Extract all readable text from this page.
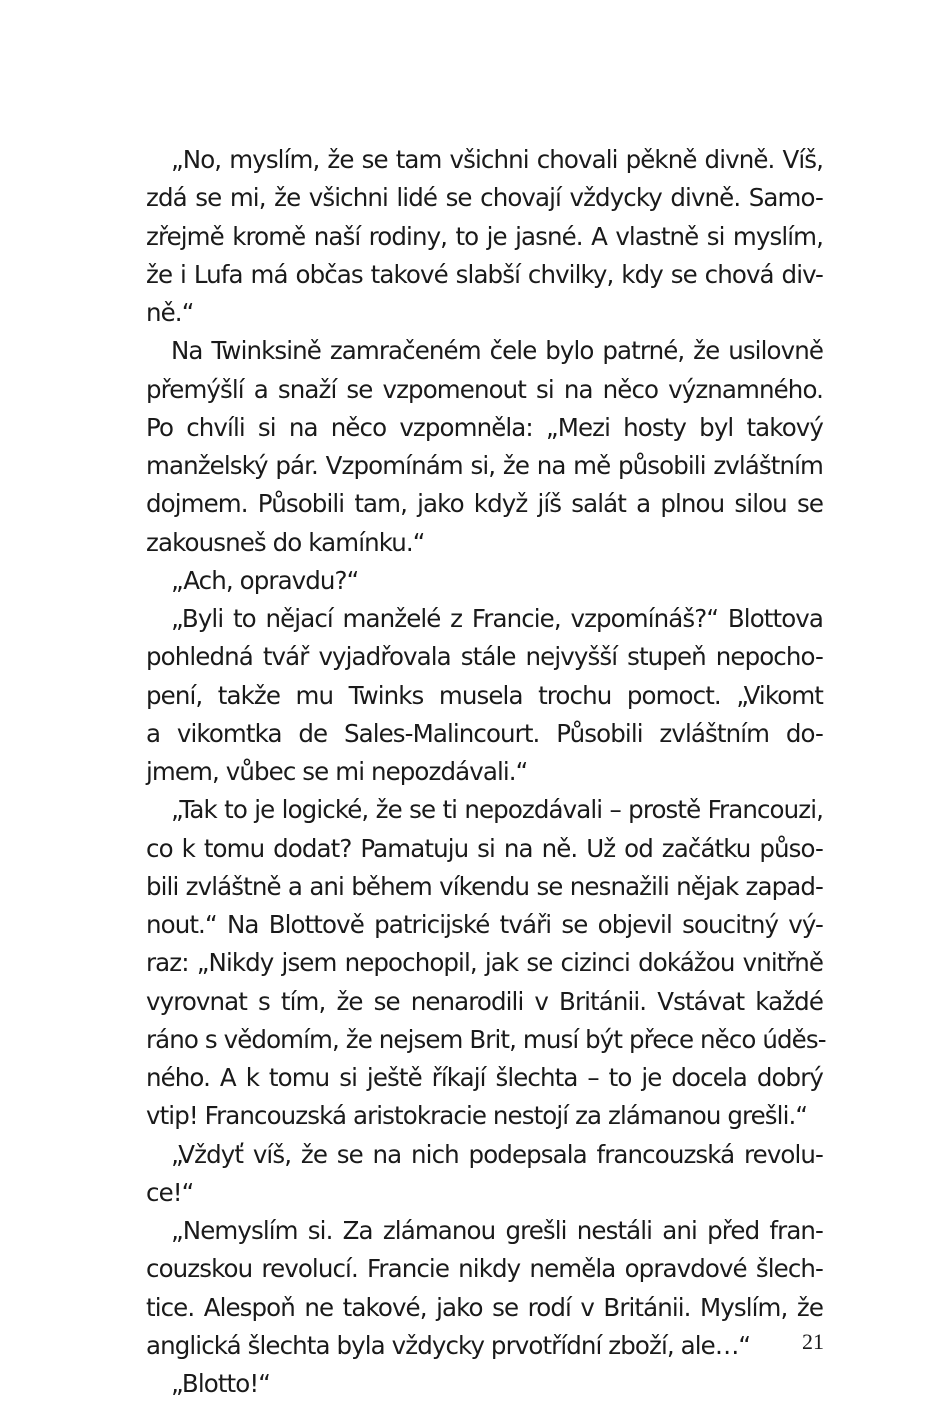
„No, myslím, že se tam všichni chovali pěkně divně. Víš,
zdá se mi, že všichni lidé se chovají vždycky divně. Samo-
zřejmě kromě naší rodiny, to je jasné. A vlastně si myslím,
že i Lufa má občas takové slabší chvilky, kdy se chová div-
ně.“
Na Twinksině zamračeném čele bylo patrné, že usilovně
přemýšlí a snaží se vzpomenout si na něco významného.
Po chvíli si na něco vzpomněla: „Mezi hosty byl takový
manželský pár. Vzpomínám si, že na mě působili zvláštním
dojmem. Působili tam, jako když jíš salát a plnou silou se
zakousneš do kamínku.“
„Ach, opravdu?“
„Byli to nějací manželé z Francie, vzpomínáš?“ Blottova
pohledná tvář vyjadřovala stále nejvyšší stupeň nepocho-
pení, takže mu Twinks musela trochu pomoct. „Vikomt
a vikomtka de Sales-Malincourt. Působili zvláštním do-
jmem, vůbec se mi nepozdávali.“
„Tak to je logické, že se ti nepozdávali – prostě Francouzi,
co k tomu dodat? Pamatuju si na ně. Už od začátku půso-
bili zvláštně a ani během víkendu se nesnažili nějak zapad-
nout.“ Na Blottově patricijské tváři se objevil soucitný vý-
raz: „Nikdy jsem nepochopil, jak se cizinci dokážou vnitřně
vyrovnat s tím, že se nenarodili v Británii. Vstávat každé
ráno s vědomím, že nejsem Brit, musí být přece něco úděs-
ného. A k tomu si ještě říkají šlechta – to je docela dobrý
vtip! Francouzská aristokracie nestojí za zlámanou grešli.“
„Vždyť víš, že se na nich podepsala francouzská revolu-
ce!“
„Nemyslím si. Za zlámanou grešli nestáli ani před fran-
couzskou revolucí. Francie nikdy neměla opravdové šlech-
tice. Alespoň ne takové, jako se rodí v Británii. Myslím, že
anglická šlechta byla vždycky prvotřídní zboží, ale…“
„Blotto!“
21
